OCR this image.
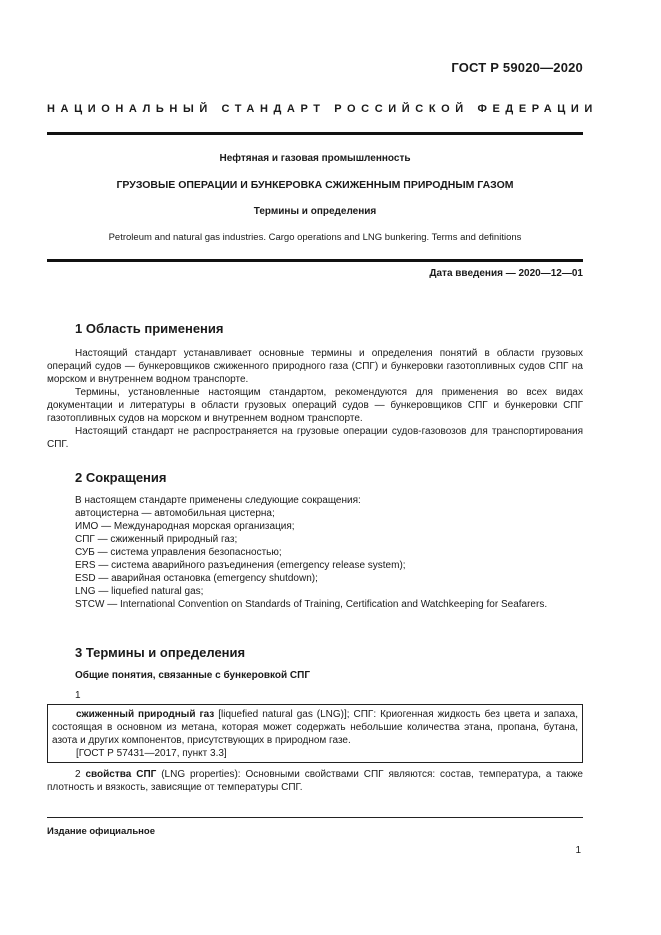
ГОСТ Р 59020—2020
НАЦИОНАЛЬНЫЙ СТАНДАРТ РОССИЙСКОЙ ФЕДЕРАЦИИ
Нефтяная и газовая промышленность
ГРУЗОВЫЕ ОПЕРАЦИИ И БУНКЕРОВКА СЖИЖЕННЫМ ПРИРОДНЫМ ГАЗОМ
Термины и определения
Petroleum and natural gas industries. Cargo operations and LNG bunkering. Terms and definitions
Дата введения — 2020—12—01
1 Область применения

Настоящий стандарт устанавливает основные термины и определения понятий в области грузовых операций судов — бункеровщиков сжиженного природного газа (СПГ) и бункеровки газотопливных судов СПГ на морском и внутреннем водном транспорте.

Термины, установленные настоящим стандартом, рекомендуются для применения во всех видах документации и литературы в области грузовых операций судов — бункеровщиков СПГ и бункеровки СПГ газотопливных судов на морском и внутреннем водном транспорте.

Настоящий стандарт не распространяется на грузовые операции судов-газовозов для транспортирования СПГ.

2 Сокращения
В настоящем стандарте применены следующие сокращения:
автоцистерна — автомобильная цистерна;
ИМО — Международная морская организация;
СПГ — сжиженный природный газ;
СУБ — система управления безопасностью;
ERS — система аварийного разъединения (emergency release system);
ESD — аварийная остановка (emergency shutdown);
LNG — liquefied natural gas;
STCW — International Convention on Standards of Training, Certification and Watchkeeping for Seafarers.
3 Термины и определения
Общие понятия, связанные с бункеровкой СПГ
1

сжиженный природный газ [liquefied natural gas (LNG)]; СПГ: Криогенная жидкость без цвета и запаха, состоящая в основном из метана, которая может содержать небольшие количества этана, пропана, бутана, азота и других компонентов, присутствующих в природном газе.

[ГОСТ Р 57431—2017, пункт 3.3]

2 свойства СПГ (LNG properties): Основными свойствами СПГ являются: состав, температура, а также плотность и вязкость, зависящие от температуры СПГ.

Издание официальное
1
